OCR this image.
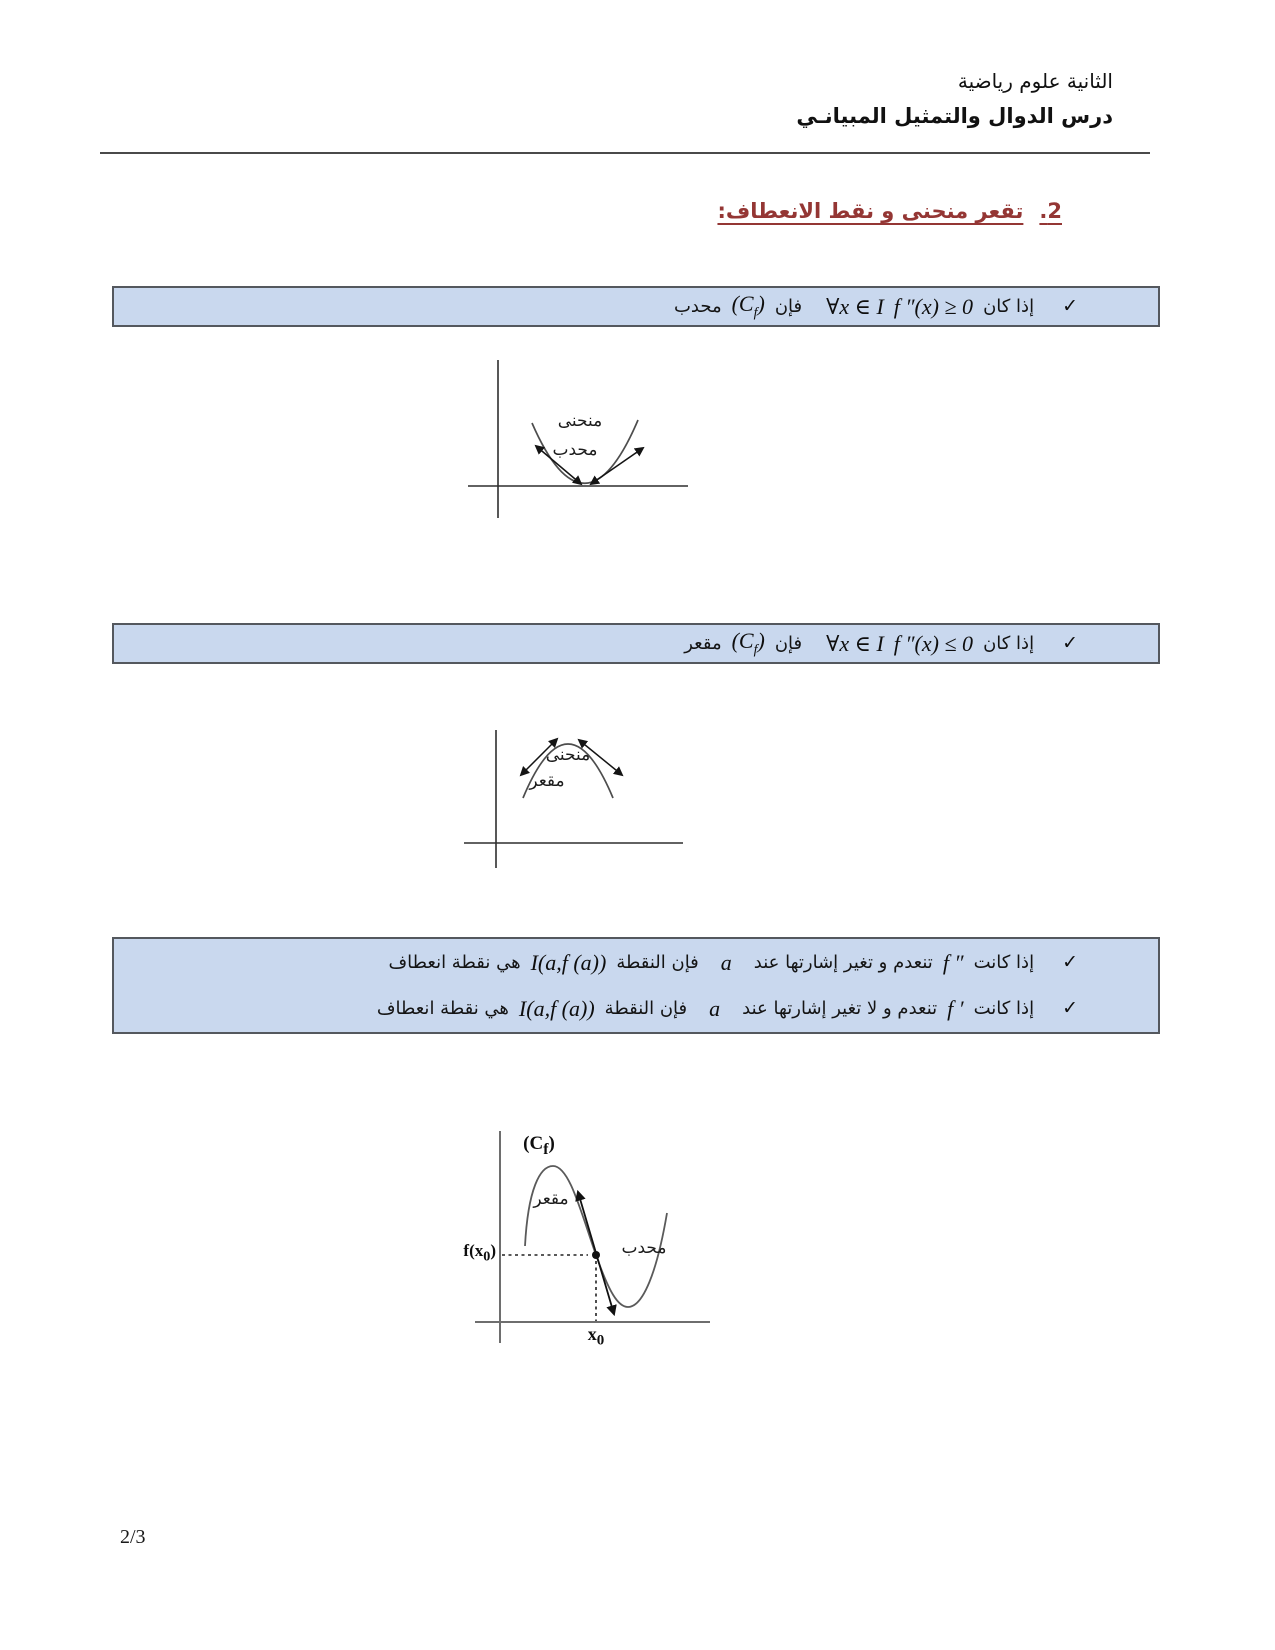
الثانية علوم رياضية
درس الدوال والتمثيل المبيانـي
2.تقعر منحنى و نقط الانعطاف:
✓
إذا كان
f ″(x) ≥ 0
∀x ∈ I
فإن
$(C_f)$
محدب
منحنى
محدب
✓
إذا كان
f ″(x) ≤ 0
∀x ∈ I
فإن
$(C_f)$
مقعر
منحنى
مقعر
✓
إذا كانت
f ″
تنعدم و تغير إشارتها عند
a
فإن النقطة
I(a,f (a))
هي نقطة انعطاف
✓
إذا كانت
f ′
تنعدم و لا تغير إشارتها عند
a
فإن النقطة
I(a,f (a))
هي نقطة انعطاف
$(C_f)$
مقعر
محدب
$f(x_0)$
$x_0$
2/3
